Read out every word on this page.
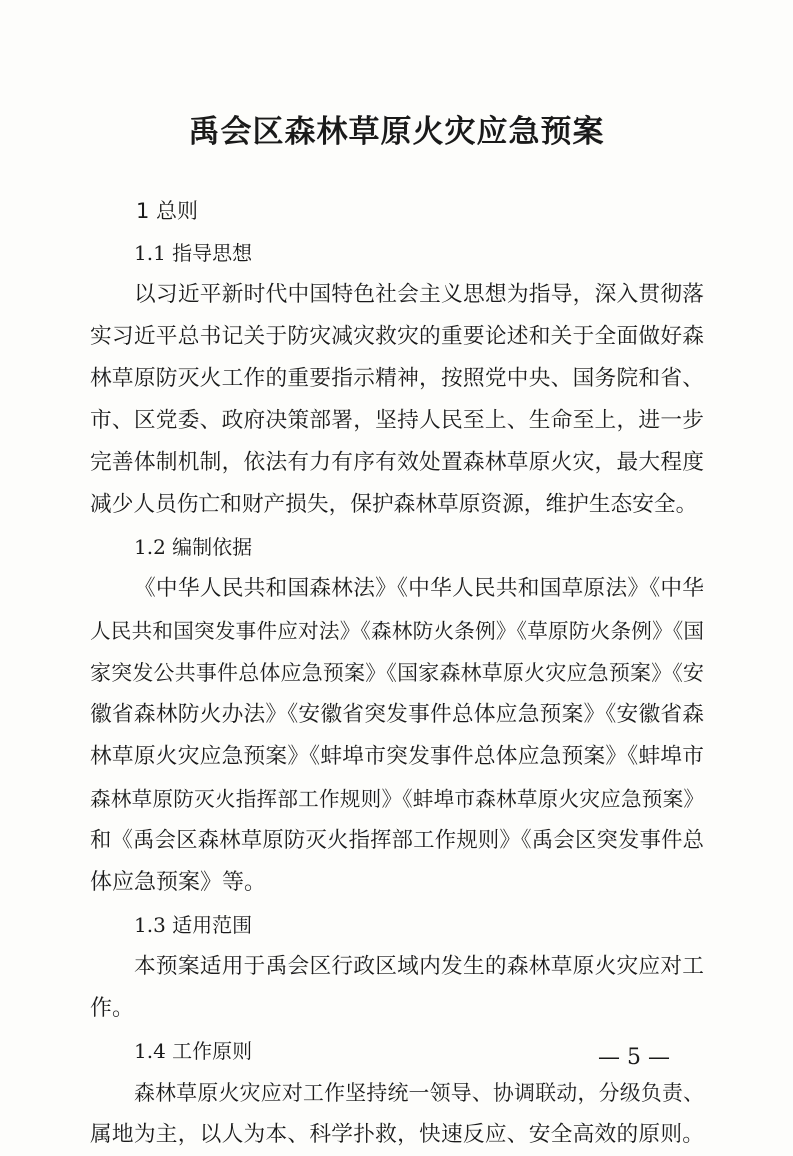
禹会区森林草原火灾应急预案
1 总则
1.1 指导思想
以习近平新时代中国特色社会主义思想为指导，深入贯彻落
实习近平总书记关于防灾减灾救灾的重要论述和关于全面做好森
林草原防灭火工作的重要指示精神，按照党中央、国务院和省、
市、区党委、政府决策部署，坚持人民至上、生命至上，进一步
完善体制机制，依法有力有序有效处置森林草原火灾，最大程度
减少人员伤亡和财产损失，保护森林草原资源，维护生态安全。
1.2 编制依据
《中华人民共和国森林法》《中华人民共和国草原法》《中华
人民共和国突发事件应对法》《森林防火条例》《草原防火条例》《国
家突发公共事件总体应急预案》《国家森林草原火灾应急预案》《安
徽省森林防火办法》《安徽省突发事件总体应急预案》《安徽省森
林草原火灾应急预案》《蚌埠市突发事件总体应急预案》《蚌埠市
森林草原防灭火指挥部工作规则》《蚌埠市森林草原火灾应急预案》
和《禹会区森林草原防灭火指挥部工作规则》《禹会区突发事件总
体应急预案》等。
1.3 适用范围
本预案适用于禹会区行政区域内发生的森林草原火灾应对工
作。
1.4 工作原则
森林草原火灾应对工作坚持统一领导、协调联动，分级负责、
属地为主，以人为本、科学扑救，快速反应、安全高效的原则。
— 5 —
